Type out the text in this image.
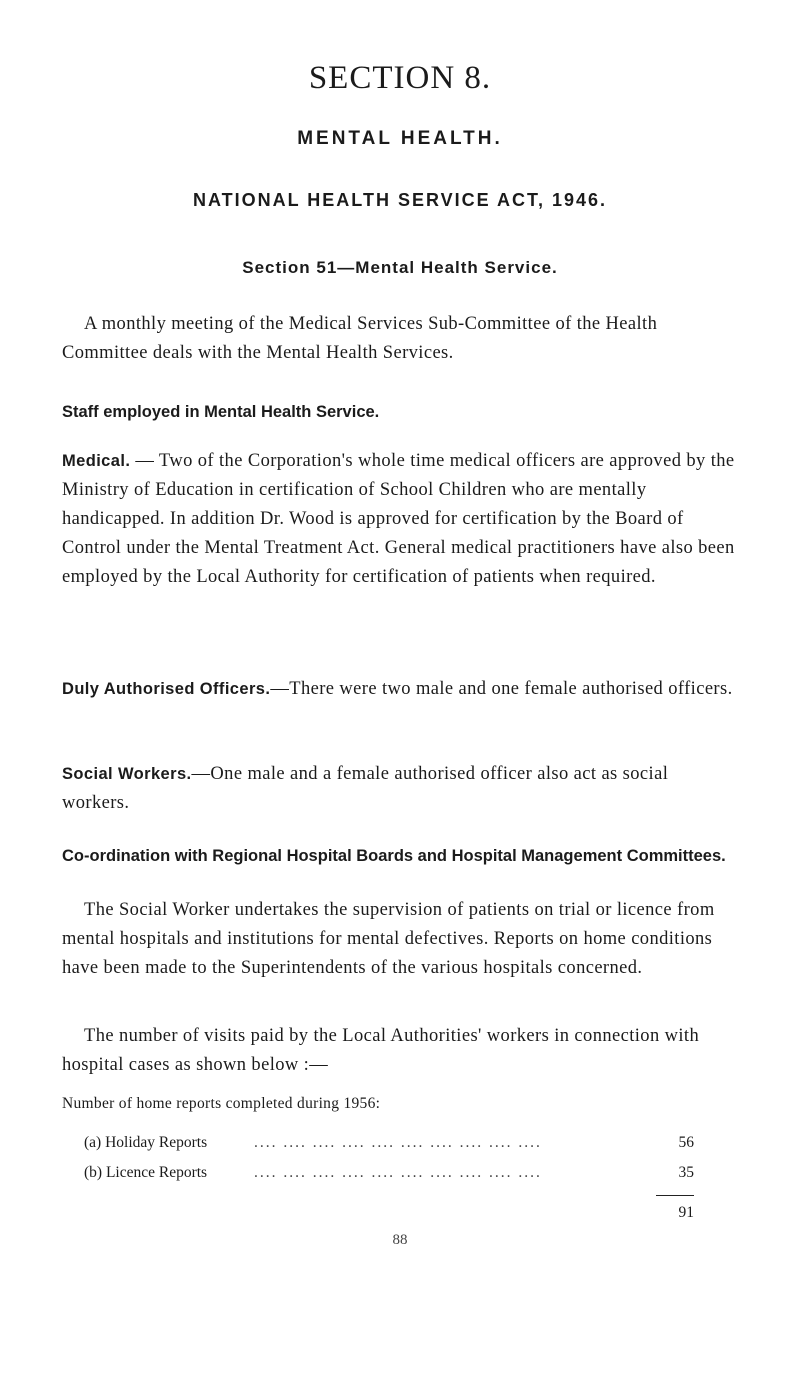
SECTION 8.
MENTAL HEALTH.
NATIONAL HEALTH SERVICE ACT, 1946.
Section 51—Mental Health Service.
A monthly meeting of the Medical Services Sub-Committee of the Health Committee deals with the Mental Health Services.
Staff employed in Mental Health Service.
Medical. — Two of the Corporation's whole time medical officers are approved by the Ministry of Education in certification of School Children who are mentally handicapped. In addition Dr. Wood is approved for certification by the Board of Control under the Mental Treatment Act. General medical practitioners have also been employed by the Local Authority for certification of patients when required.
Duly Authorised Officers.—There were two male and one female authorised officers.
Social Workers.—One male and a female authorised officer also act as social workers.
Co-ordination with Regional Hospital Boards and Hospital Management Committees.
The Social Worker undertakes the supervision of patients on trial or licence from mental hospitals and institutions for mental defectives. Reports on home conditions have been made to the Superintendents of the various hospitals concerned.
The number of visits paid by the Local Authorities' workers in connection with hospital cases as shown below :—
Number of home reports completed during 1956:
(a) Holiday Reports	.... .... .... .... .... .... .... .... .... ....	56
(b) Licence Reports	.... .... .... .... .... .... .... .... .... ....	35
91
88
